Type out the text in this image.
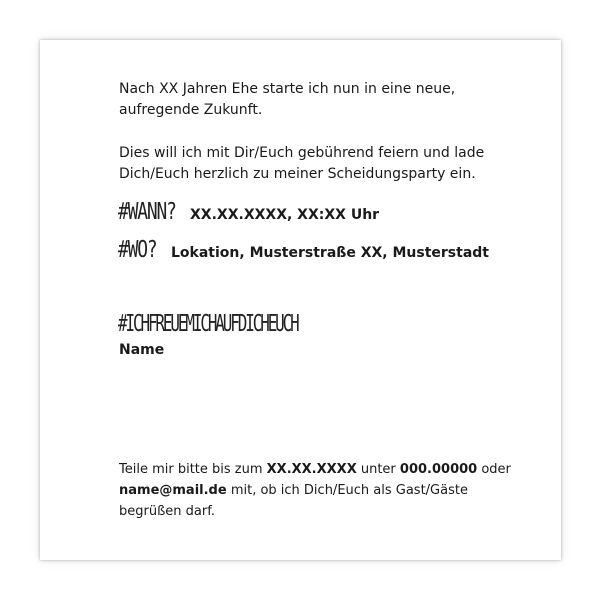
Nach XX Jahren Ehe starte ich nun in eine neue,
aufregende Zukunft.

Dies will ich mit Dir/Euch gebührend feiern und lade
Dich/Euch herzlich zu meiner Scheidungsparty ein.

#WANN? XX.XX.XXXX, XX:XX Uhr
#WO? Lokation, Musterstraße XX, Musterstadt
#ICHFREUEMICHAUFDICHEUCH
Name
Teile mir bitte bis zum XX.XX.XXXX unter 000.00000 oder
name@mail.de mit, ob ich Dich/Euch als Gast/Gäste
begrüßen darf.
